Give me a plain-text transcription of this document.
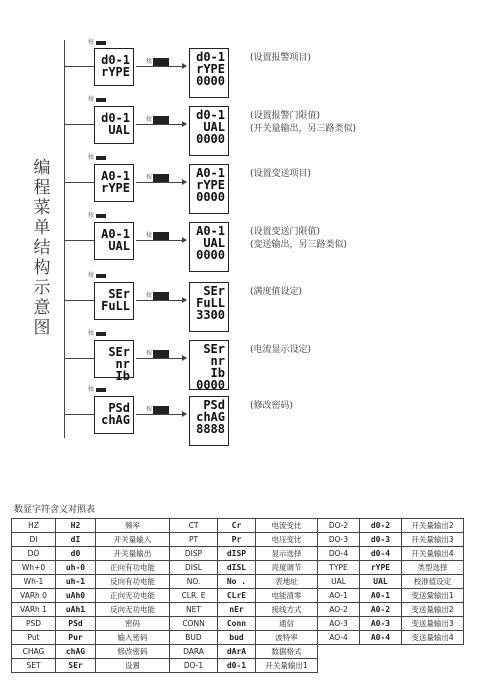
编
程
菜
单
结
构
示
意
图
按
d0-1
rYPE
按	d0-1
rYPE
0000
(设置报警项目)
按
d0-1
UAL
按	d0-1
UAL
0000
(设置报警门限值)
(开关量输出，另三路类似)
按
A0-1
rYPE
按	A0-1
rYPE
0000
(设置变送项目)
按
A0-1
UAL
按	A0-1
UAL
0000
(设置变送门限值)
(变送输出，另三路类似)
按
SEr
FuLL
按	SEr
FuLL
3300
(满度值设定)
按
SEr
nr Ib
按	SEr
nr Ib
0000
(电流显示设定)
按
PSd
chAG
按	PSd
chAG
8888
(修改密码)
数显字符含义对照表
HZ	H2	频率	CT	Cr	电流变比	DO-2	d0-2	开关量输出2
DI	dI	开关量输入	PT	Pr	电压变比	DO-3	d0-3	开关量输出3
DO	d0	开关量输出	DISP	dISP	显示选择	DO-4	d0-4	开关量输出4
Wh+0	uh-0	正向有功电能	DISL	dISL	亮度调节	TYPE	rYPE	类型选择
Wh-1	uh-1	反向有功电能	NO.	No .	表地址	UAL	UAL	校准值设定
VARh 0	uAh0	正向无功电能	CLR. E	CLrE	电能清零	AO-1	A0-1	变送量输出1
VARh 1	uAh1	反向无功电能	NET	nEr	接线方式	AO-2	A0-2	变送量输出2
PSD	PSd	密码	CONN	Conn	通信	AO-3	A0-3	变送量输出3
Put	Pur	输入密码	BUD	bud	波特率	AO-4	A0-4	变送量输出4
CHAG	chAG	修改密码	DARA	dArA	数据格式			
SET	SEr	设置	DO-1	d0-1	开关量输出1			
